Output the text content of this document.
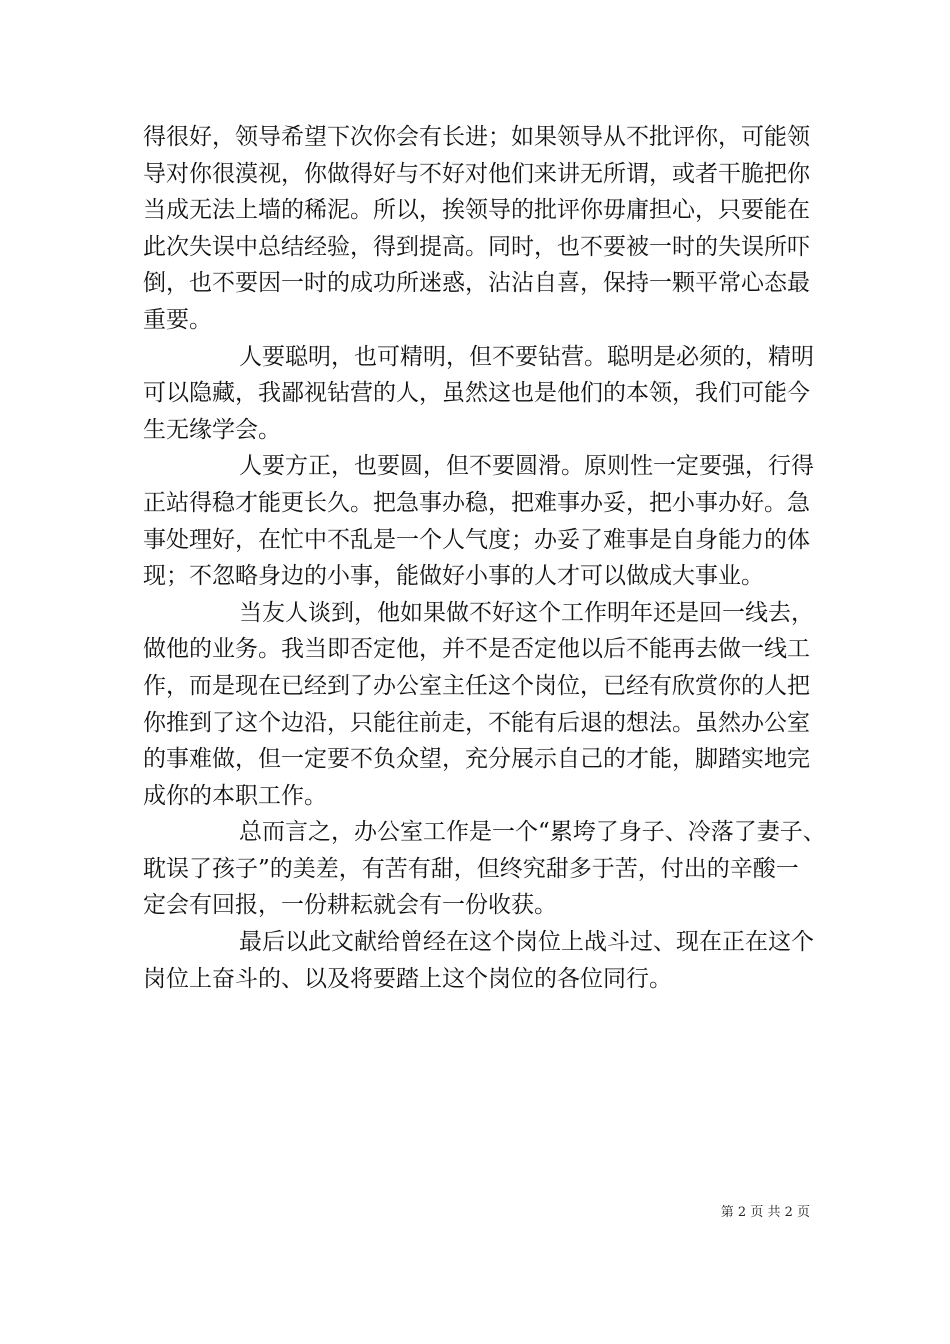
得很好，领导希望下次你会有长进；如果领导从不批评你，可能领
导对你很漠视，你做得好与不好对他们来讲无所谓，或者干脆把你
当成无法上墙的稀泥。所以，挨领导的批评你毋庸担心，只要能在
此次失误中总结经验，得到提高。同时，也不要被一时的失误所吓
倒，也不要因一时的成功所迷惑，沾沾自喜，保持一颗平常心态最
重要。
人要聪明，也可精明，但不要钻营。聪明是必须的，精明
可以隐藏，我鄙视钻营的人，虽然这也是他们的本领，我们可能今
生无缘学会。
人要方正，也要圆，但不要圆滑。原则性一定要强，行得
正站得稳才能更长久。把急事办稳，把难事办妥，把小事办好。急
事处理好，在忙中不乱是一个人气度；办妥了难事是自身能力的体
现；不忽略身边的小事，能做好小事的人才可以做成大事业。
当友人谈到，他如果做不好这个工作明年还是回一线去，
做他的业务。我当即否定他，并不是否定他以后不能再去做一线工
作，而是现在已经到了办公室主任这个岗位，已经有欣赏你的人把
你推到了这个边沿，只能往前走，不能有后退的想法。虽然办公室
的事难做，但一定要不负众望，充分展示自己的才能，脚踏实地完
成你的本职工作。
总而言之，办公室工作是一个“累垮了身子、冷落了妻子、
耽误了孩子”的美差，有苦有甜，但终究甜多于苦，付出的辛酸一
定会有回报，一份耕耘就会有一份收获。
最后以此文献给曾经在这个岗位上战斗过、现在正在这个
岗位上奋斗的、以及将要踏上这个岗位的各位同行。
第 2 页 共 2 页
